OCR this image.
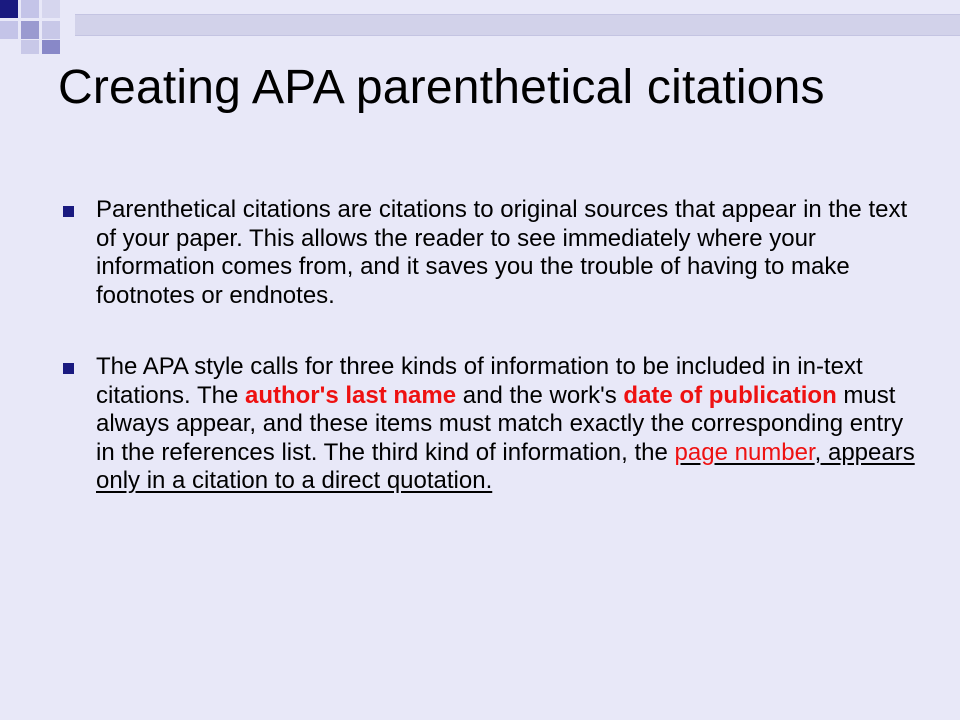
Creating APA parenthetical citations
Parenthetical citations are citations to original sources that appear in the text of your paper. This allows the reader to see immediately where your information comes from, and it saves you the trouble of having to make footnotes or endnotes.
The APA style calls for three kinds of information to be included in in-text citations. The author's last name and the work's date of publication must always appear, and these items must match exactly the corresponding entry in the references list. The third kind of information, the page number, appears only in a citation to a direct quotation.
